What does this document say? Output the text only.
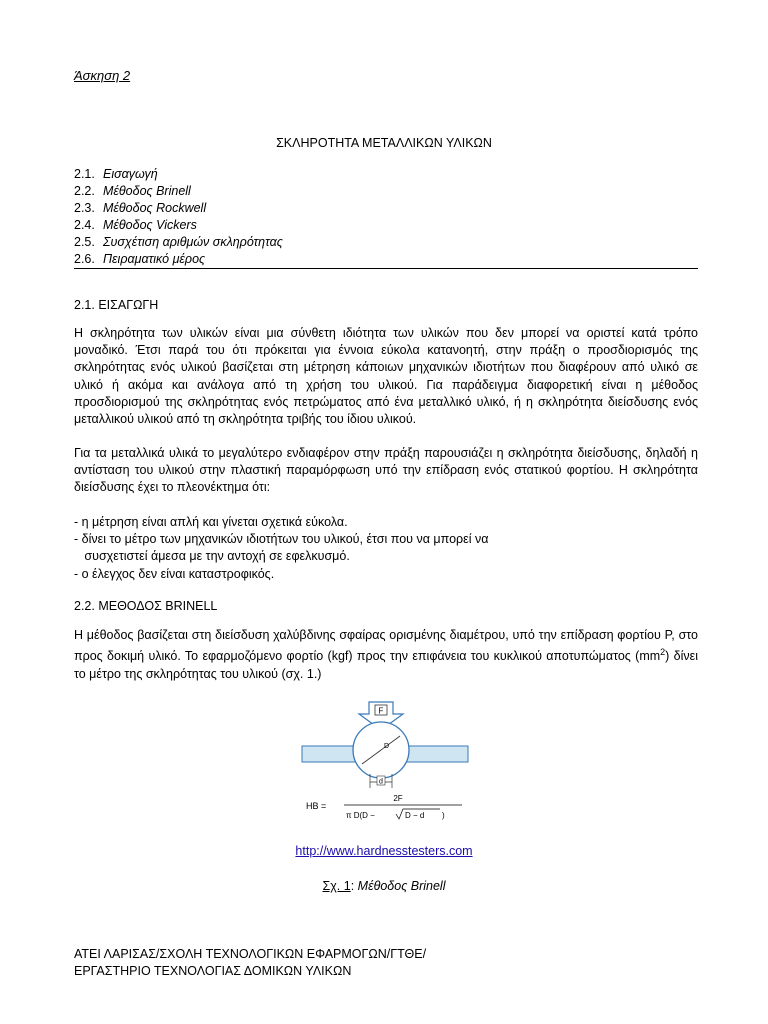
Άσκηση 2
ΣΚΛΗΡΟΤΗΤΑ ΜΕΤΑΛΛΙΚΩΝ ΥΛΙΚΩΝ
2.1. Εισαγωγή
2.2. Μέθοδος Brinell
2.3. Μέθοδος Rockwell
2.4. Μέθοδος Vickers
2.5. Συσχέτιση αριθμών σκληρότητας
2.6. Πειραματικό μέρος
2.1. ΕΙΣΑΓΩΓΗ

Η σκληρότητα των υλικών είναι μια σύνθετη ιδιότητα των υλικών που δεν μπορεί να οριστεί κατά τρόπο μοναδικό. Έτσι παρά του ότι πρόκειται για έννοια εύκολα κατανοητή, στην πράξη ο προσδιορισμός της σκληρότητας ενός υλικού βασίζεται στη μέτρηση κάποιων μηχανικών ιδιοτήτων που διαφέρουν από υλικό σε υλικό ή ακόμα και ανάλογα από τη χρήση του υλικού. Για παράδειγμα διαφορετική είναι η μέθοδος προσδιορισμού της σκληρότητας ενός πετρώματος από ένα μεταλλικό υλικό, ή η σκληρότητα διείσδυσης ενός μεταλλικού υλικού από τη σκληρότητα τριβής του ίδιου υλικού.

Για τα μεταλλικά υλικά το μεγαλύτερο ενδιαφέρον στην πράξη παρουσιάζει η σκληρότητα διείσδυσης, δηλαδή η αντίσταση του υλικού στην πλαστική παραμόρφωση υπό την επίδραση ενός στατικού φορτίου. Η σκληρότητα διείσδυσης έχει το πλεονέκτημα ότι:

- η μέτρηση είναι απλή και γίνεται σχετικά εύκολα.
- δίνει το μέτρο των μηχανικών ιδιοτήτων του υλικού, έτσι που να μπορεί να
συσχετιστεί άμεσα με την αντοχή σε εφελκυσμό.
- ο έλεγχος δεν είναι καταστροφικός.
2.2. ΜΕΘΟΔΟΣ BRINELL

Η μέθοδος βασίζεται στη διείσδυση χαλύβδινης σφαίρας ορισμένης διαμέτρου, υπό την επίδραση φορτίου P, στο προς δοκιμή υλικό. Το εφαρμοζόμενο φορτίο (kgf) προς την επιφάνεια του κυκλικού αποτυπώματος $(mm^2)$ δίνει το μέτρο της σκληρότητας του υλικού (σχ. 1.)

F
D
d
HB =
2F
π D(D −	D − d )
http://www.hardnesstesters.com
Σχ. 1: Μέθοδος Brinell
ΑΤΕΙ ΛΑΡΙΣΑΣ/ΣΧΟΛΗ ΤΕΧΝΟΛΟΓΙΚΩΝ ΕΦΑΡΜΟΓΩΝ/ΓΤΘΕ/
ΕΡΓΑΣΤΗΡΙΟ ΤΕΧΝΟΛΟΓΙΑΣ ΔΟΜΙΚΩΝ ΥΛΙΚΩΝ
